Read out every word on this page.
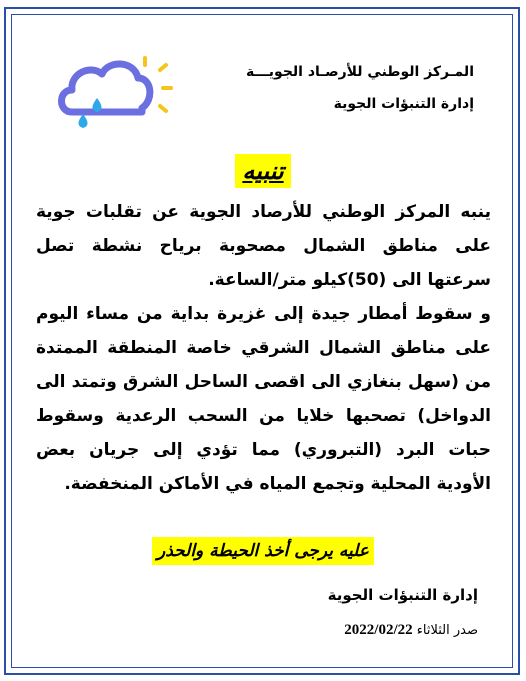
المـركز الوطني للأرصـاد الجويـــة
إدارة التنبؤات الجوية
تنبيه

ينبه المركز الوطني للأرصاد الجوية عن تقلبات جوية على مناطق الشمال مصحوبة برياح نشطة تصل سرعتها الى (50)كيلو متر/الساعة.

و سقوط أمطار جيدة إلى غزيرة بداية من مساء اليوم على مناطق الشمال الشرقي خاصة المنطقة الممتدة من (سهل بنغازي الى اقصى الساحل الشرق وتمتد الى الدواخل) تصحبها خلايا من السحب الرعدية وسقوط حبات البرد (التبروري) مما تؤدي إلى جريان بعض الأودية المحلية وتجمع المياه في الأماكن المنخفضة.

عليه يرجى أخذ الحيطة والحذر
إدارة التنبؤات الجوية
صدر الثلاثاء 2022/02/22
